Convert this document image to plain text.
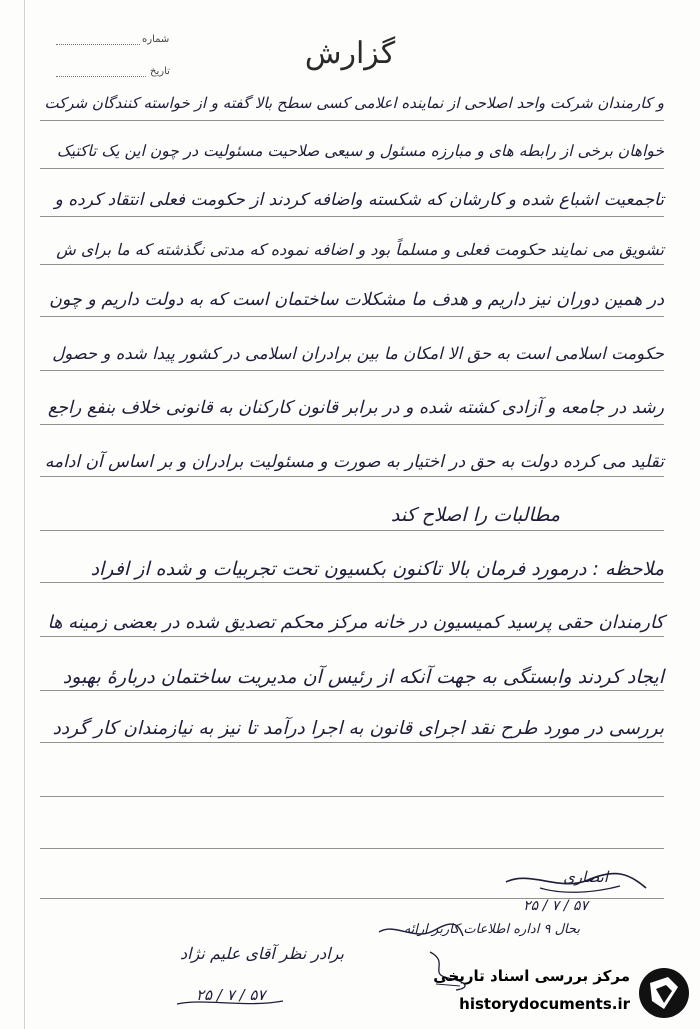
شماره
تاریخ
گزارش
و کارمندان شرکت واحد اصلاحی از نماینده اعلامی کسی سطح بالا گفته و از خواسته کنندگان شرکت
خواهان برخی از رابطه های و مبارزه مسئول و سیعی صلاحیت مسئولیت در چون این یک تاکتیک
تاجمعیت اشباع شده و کارشان که شکسته واضافه کردند از حکومت فعلی انتقاد کرده و
تشویق می نمایند حکومت فعلی و مسلماً بود و اضافه نموده که مدتی نگذشته که ما برای ش
در همین دوران نیز داریم و هدف ما مشکلات ساختمان است که به دولت داریم و چون
حکومت اسلامی است به حق الا امکان ما بین برادران اسلامی در کشور پیدا شده و حصول
رشد در جامعه و آزادی کشته شده و در برابر قانون کارکنان به قانونی خلاف بنفع راجع
تقلید می کرده دولت به حق در اختیار به صورت و مسئولیت برادران و بر اساس آن ادامه
مطالبات را اصلاح کند
ملاحظه : درمورد فرمان بالا تاکنون بکسیون تحت تجربیات و شده از افراد
کارمندان حقی پرسید کمیسیون در خانه مرکز محکم تصدیق شده در بعضی زمینه ها
ایجاد کردند وابستگی به جهت آنکه از رئیس آن مدیریت ساختمان دربارۀ بهبود
بررسی در مورد طرح نقد اجرای قانون به اجرا درآمد تا نیز به نیازمندان کار گردد
انصاری
۵۷ / ۷ / ۲۵
بحال ۹ اداره اطلاعات کاربر ارائه
برادر نظر آقای علیم نژاد
۵۷ / ۷ / ۲۵
مرکز بررسی اسناد تاریخی
historydocuments.ir
